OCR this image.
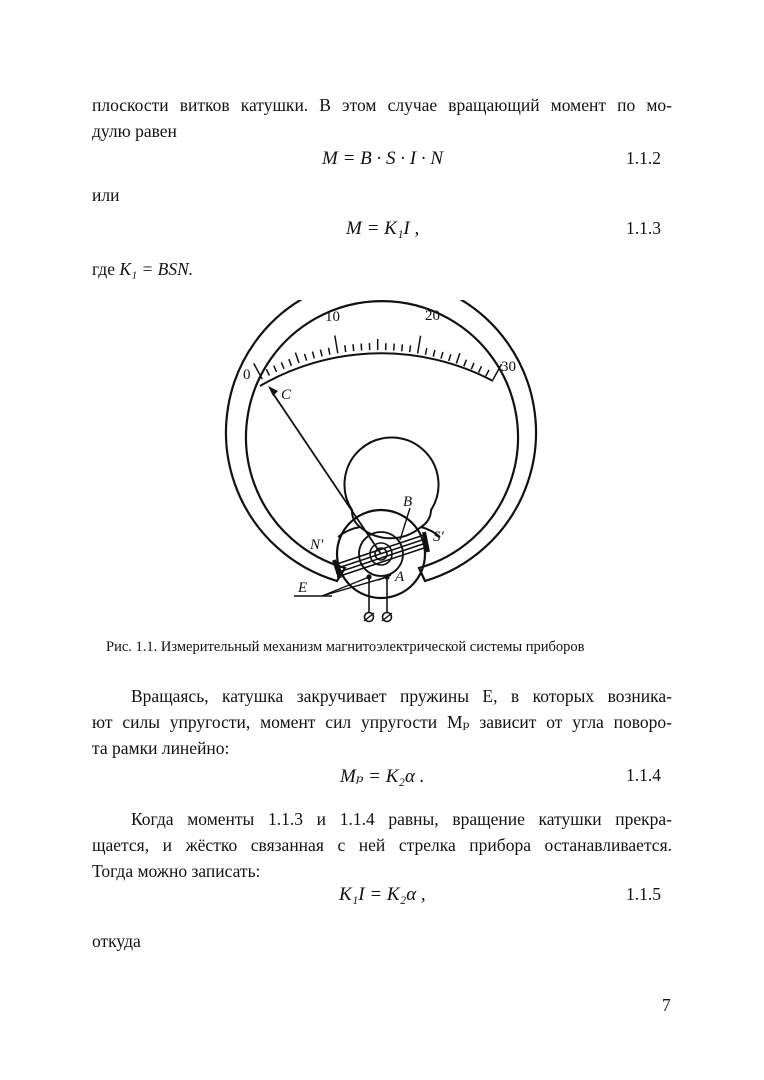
плоскости витков катушки. В этом случае вращающий момент по мо-
дулю равен
M = B · S · I · N	1.1.2
или
M = K₁I ,	1.1.3
где K₁ = BSN.
0
10	20
30
C
B
A
N'	S'
E
Рис. 1.1. Измерительный механизм магнитоэлектрической системы приборов
Вращаясь, катушка закручивает пружины E, в которых возника-
ют силы упругости, момент сил упругости Mₚ зависит от угла поворо-
та рамки линейно:
Mₚ = K₂α .	1.1.4
Когда моменты 1.1.3 и 1.1.4 равны, вращение катушки прекра-
щается, и жёстко связанная с ней стрелка прибора останавливается.
Тогда можно записать:
K₁I = K₂α ,	1.1.5
откуда
7
